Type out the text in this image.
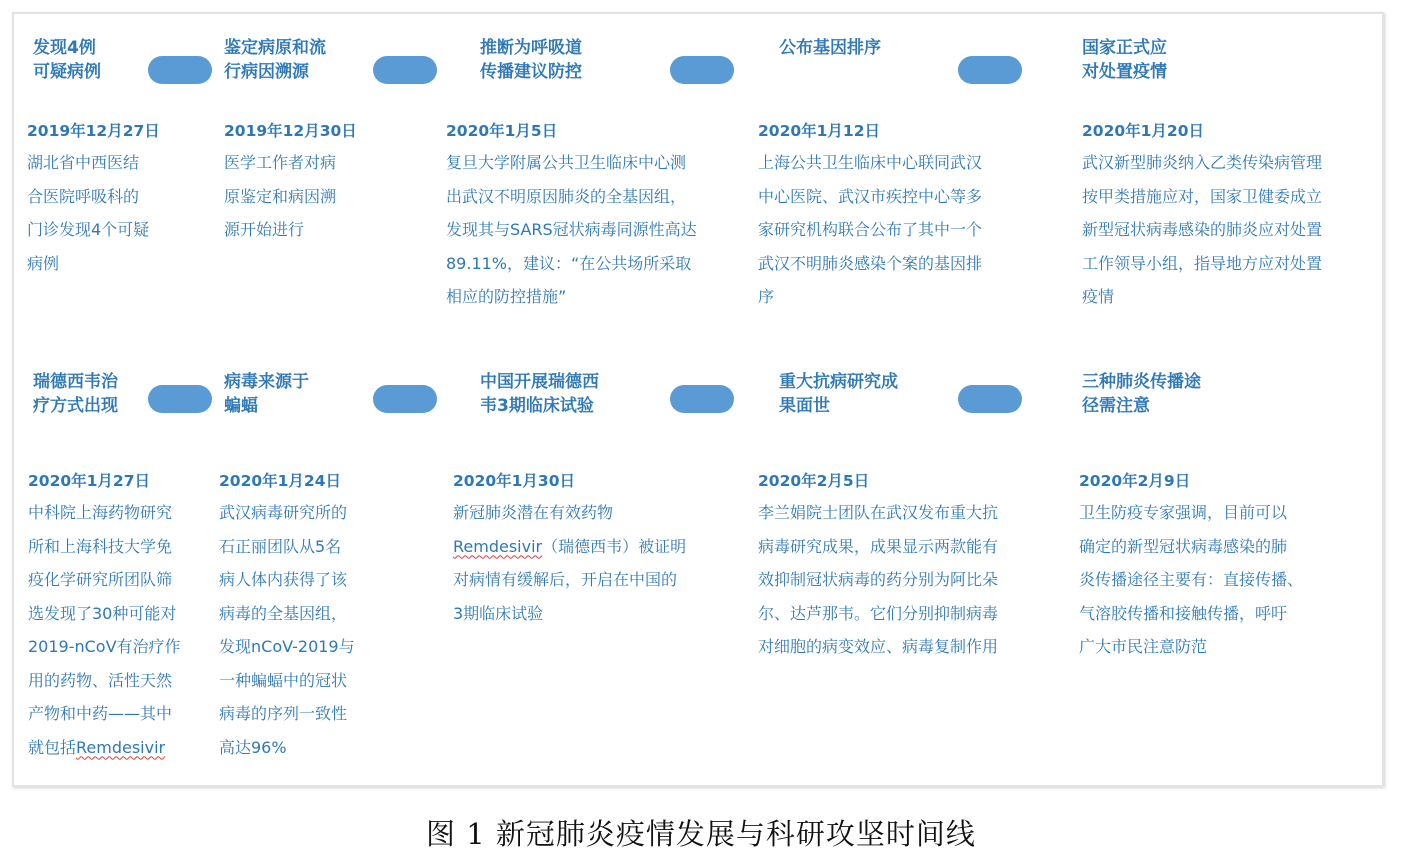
发现4例
可疑病例
2019年12月27日
湖北省中西医结
合医院呼吸科的
门诊发现4个可疑
病例
鉴定病原和流
行病因溯源
2019年12月30日
医学工作者对病
原鉴定和病因溯
源开始进行
推断为呼吸道
传播建议防控
2020年1月5日
复旦大学附属公共卫生临床中心测
出武汉不明原因肺炎的全基因组，
发现其与SARS冠状病毒同源性高达
89.11%，建议：“在公共场所采取
相应的防控措施”
公布基因排序
2020年1月12日
上海公共卫生临床中心联同武汉
中心医院、武汉市疾控中心等多
家研究机构联合公布了其中一个
武汉不明肺炎感染个案的基因排
序
国家正式应
对处置疫情
2020年1月20日
武汉新型肺炎纳入乙类传染病管理
按甲类措施应对，国家卫健委成立
新型冠状病毒感染的肺炎应对处置
工作领导小组，指导地方应对处置
疫情
瑞德西韦治
疗方式出现
2020年1月27日
中科院上海药物研究
所和上海科技大学免
疫化学研究所团队筛
选发现了30种可能对
2019-nCoV有治疗作
用的药物、活性天然
产物和中药——其中
就包括Remdesivir
病毒来源于
蝙蝠
2020年1月24日
武汉病毒研究所的
石正丽团队从5名
病人体内获得了该
病毒的全基因组，
发现nCoV-2019与
一种蝙蝠中的冠状
病毒的序列一致性
高达96%
中国开展瑞德西
韦3期临床试验
2020年1月30日
新冠肺炎潜在有效药物
Remdesivir（瑞德西韦）被证明
对病情有缓解后，开启在中国的
3期临床试验
重大抗病研究成
果面世
2020年2月5日
李兰娟院士团队在武汉发布重大抗
病毒研究成果，成果显示两款能有
效抑制冠状病毒的药分别为阿比朵
尔、达芦那韦。它们分别抑制病毒
对细胞的病变效应、病毒复制作用
三种肺炎传播途
径需注意
2020年2月9日
卫生防疫专家强调，目前可以
确定的新型冠状病毒感染的肺
炎传播途径主要有：直接传播、
气溶胶传播和接触传播，呼吁
广大市民注意防范
图 1 新冠肺炎疫情发展与科研攻坚时间线
